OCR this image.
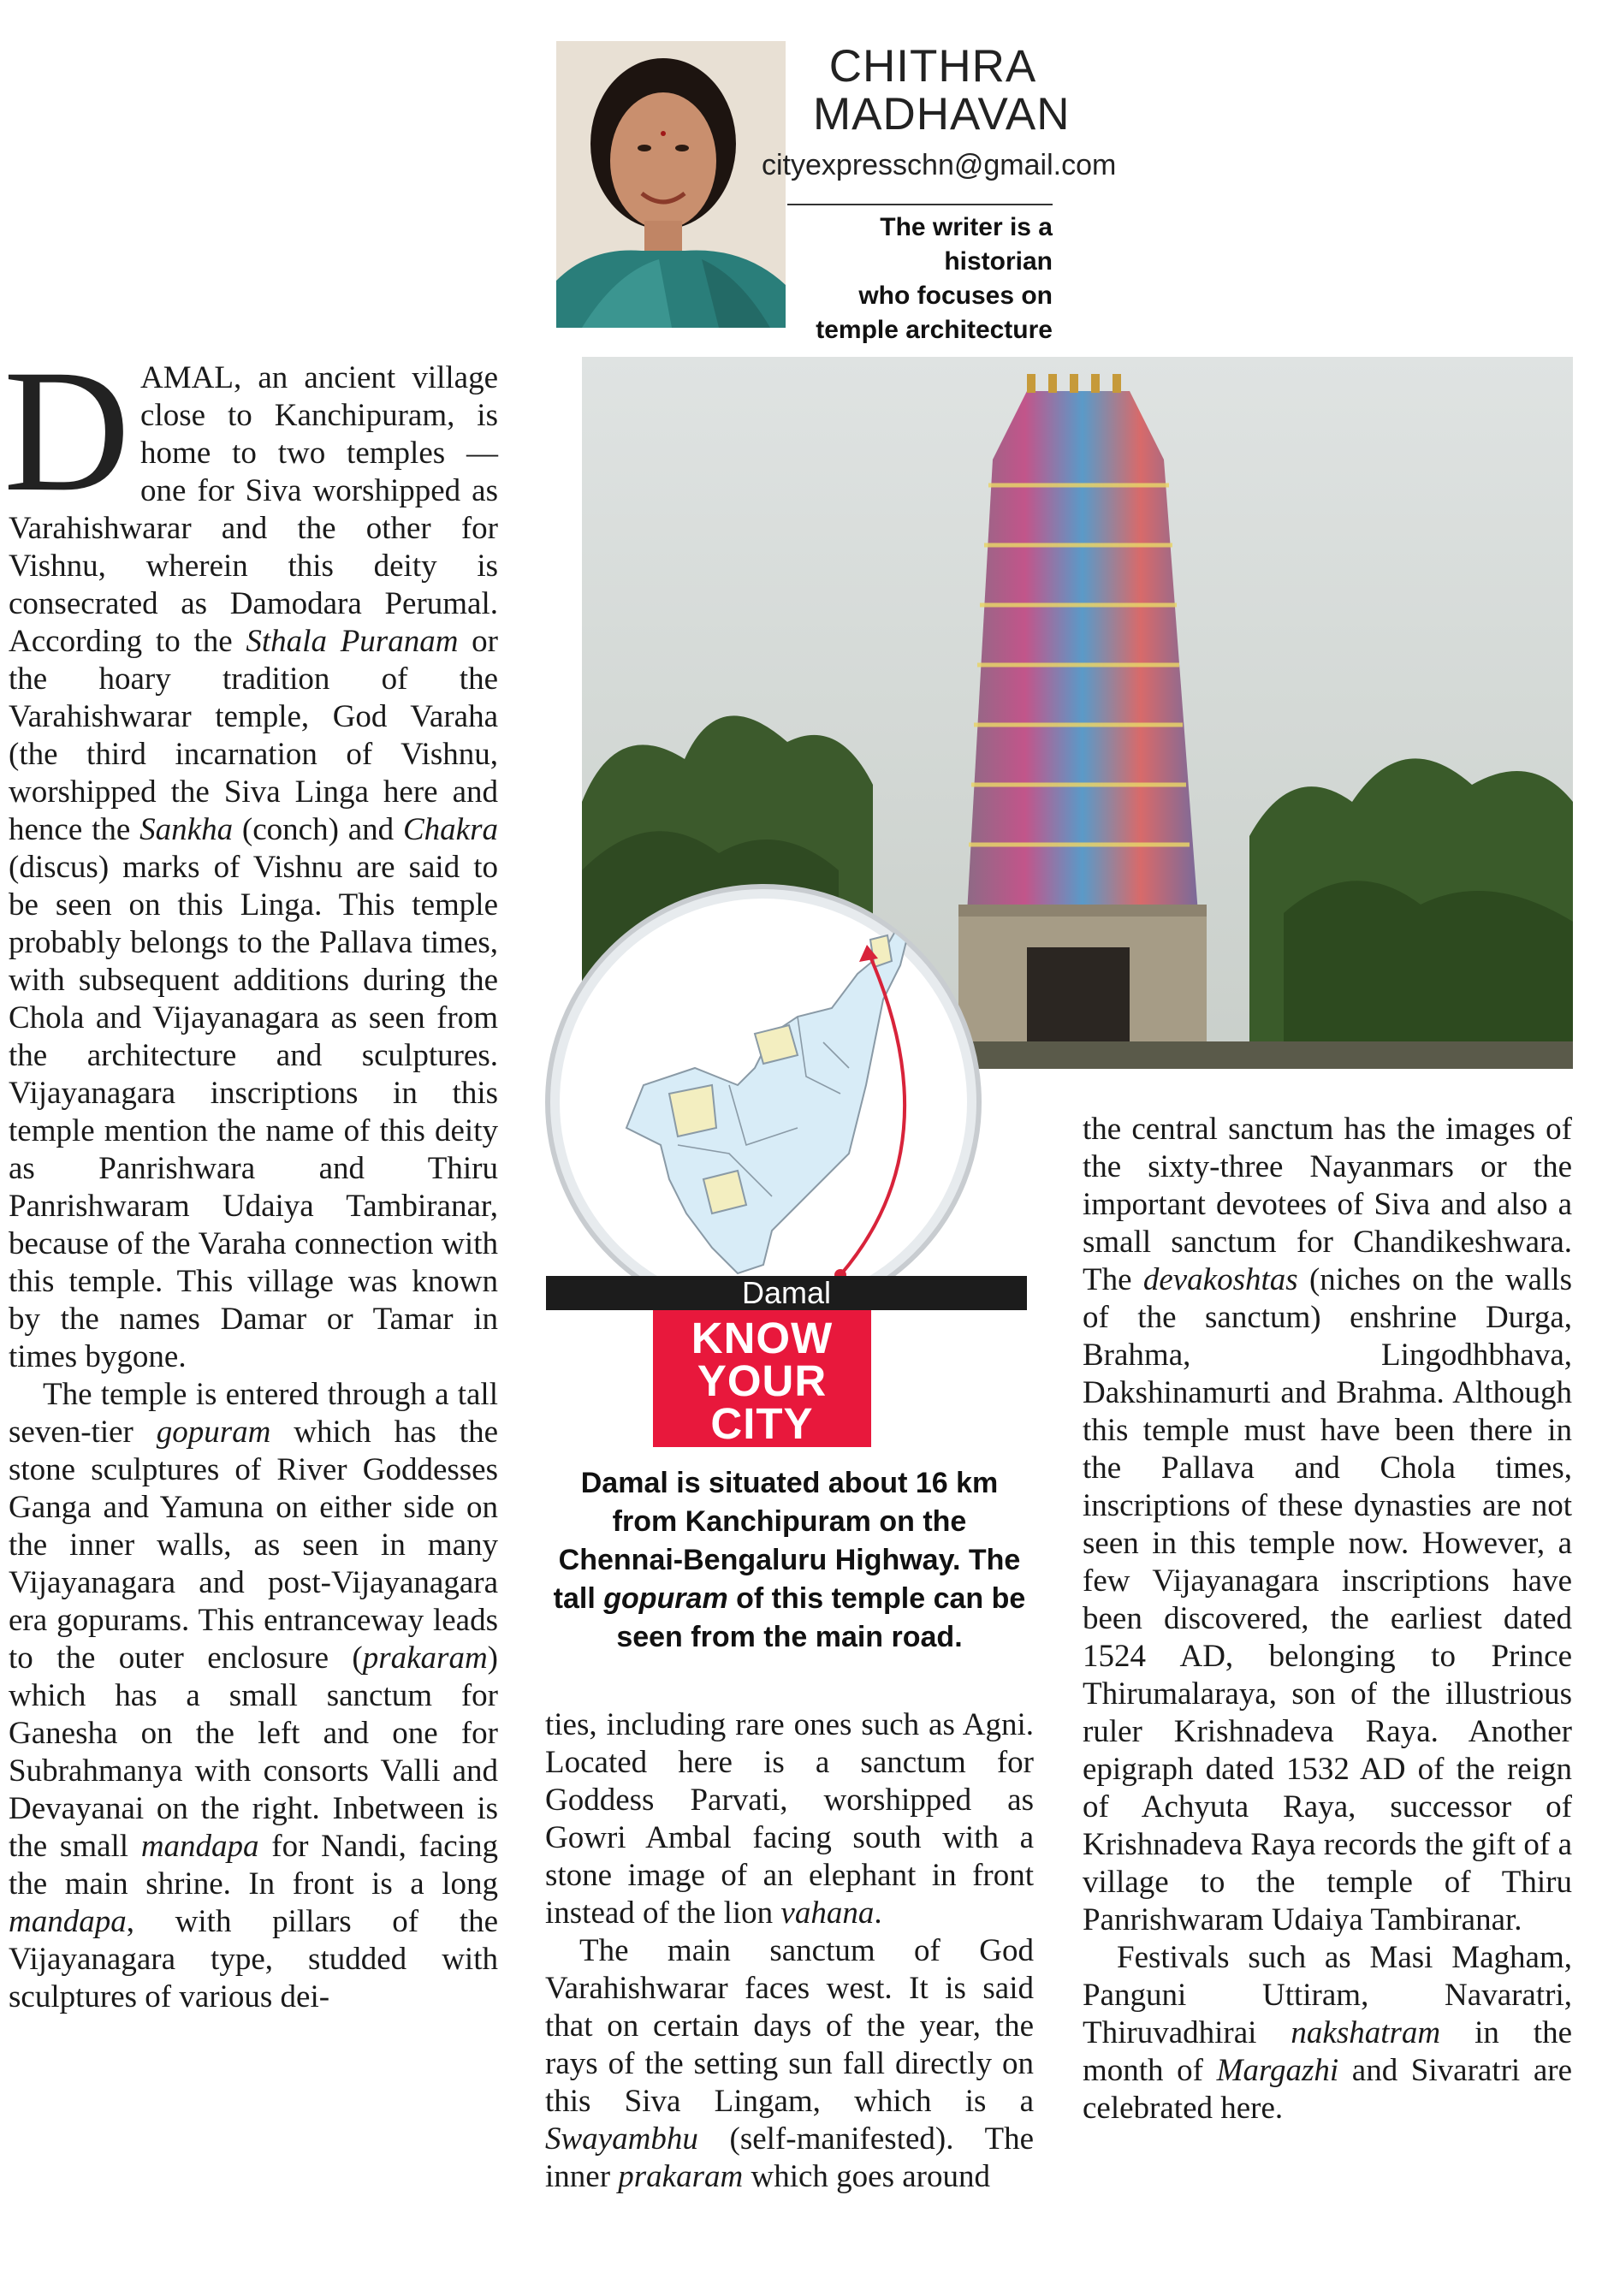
CHITHRA
MADHAVAN
cityexpresschn@gmail.com
The writer is a historian
who focuses on
temple architecture
Damal
KNOW
YOUR
CITY
Damal is situated about 16 km from Kanchipuram on the Chennai-Bengaluru Highway. The tall gopuram of this temple can be seen from the main road.

DAMAL, an ancient village close to Kanchipuram, is home to two temples — one for Siva worshipped as Varahishwarar and the other for Vishnu, wherein this deity is consecrated as Damodara Perumal. According to the Sthala Puranam or the hoary tradition of the Varahishwarar temple, God Varaha (the third incarnation of Vishnu, worshipped the Siva Linga here and hence the Sankha (conch) and Chakra (discus) marks of Vishnu are said to be seen on this Linga. This temple probably belongs to the Pallava times, with subsequent additions during the Chola and Vijayanagara as seen from the architecture and sculptures. Vijayanagara inscriptions in this temple mention the name of this deity as Panrishwara and Thiru Panrishwaram Udaiya Tambiranar, because of the Varaha connection with this temple. This village was known by the names Damar or Tamar in times bygone.

The temple is entered through a tall seven-tier gopuram which has the stone sculptures of River Goddesses Ganga and Yamuna on either side on the inner walls, as seen in many Vijayanagara and post-Vijayanagara era gopurams. This entranceway leads to the outer enclosure (prakaram) which has a small sanctum for Ganesha on the left and one for Subrahmanya with consorts Valli and Devayanai on the right. Inbetween is the small mandapa for Nandi, facing the main shrine. In front is a long mandapa, with pillars of the Vijayanagara type, studded with sculptures of various dei-

ties, including rare ones such as Agni. Located here is a sanctum for Goddess Parvati, worshipped as Gowri Ambal facing south with a stone image of an elephant in front instead of the lion vahana.

The main sanctum of God Varahishwarar faces west. It is said that on certain days of the year, the rays of the setting sun fall directly on this Siva Lingam, which is a Swayambhu (self-manifested). The inner prakaram which goes around

the central sanctum has the images of the sixty-three Nayanmars or the important devotees of Siva and also a small sanctum for Chandikeshwara. The devakoshtas (niches on the walls of the sanctum) enshrine Durga, Brahma, Lingodhbhava, Dakshinamurti and Brahma. Although this temple must have been there in the Pallava and Chola times, inscriptions of these dynasties are not seen in this temple now. However, a few Vijayanagara inscriptions have been discovered, the earliest dated 1524 AD, belonging to Prince Thirumalaraya, son of the illustrious ruler Krishnadeva Raya. Another epigraph dated 1532 AD of the reign of Achyuta Raya, successor of Krishnadeva Raya records the gift of a village to the temple of Thiru Panrishwaram Udaiya Tambiranar.

Festivals such as Masi Magham, Panguni Uttiram, Navaratri, Thiruvadhirai nakshatram in the month of Margazhi and Sivaratri are celebrated here.
